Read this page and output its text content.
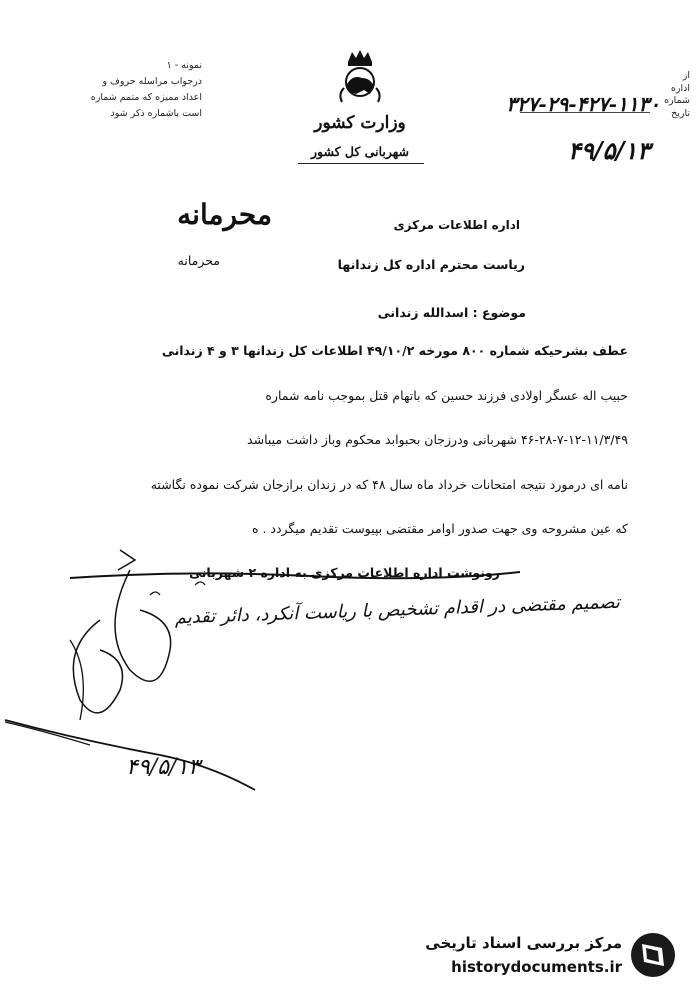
نمونه - ۱
درجواب مراسله حروف و
اعداد ممیزه که متمم شماره
است باشماره ذکر شود	وزارت کشور
شهربانی کل کشور
از
اداره
شماره
تاریخ
۳۲۷-۲۹-۴۲۷-۱۱۳۰
۴۹/۵/۱۳
محرمانه
محرمانه
اداره اطلاعات مرکزی
ریاست محترم اداره کل زندانها
موضوع : اسدالله زندانی
عطف بشرحیکه شماره ۸۰۰ مورخه ۴۹/۱۰/۲ اطلاعات کل زندانها ۳ و ۴ زندانی
حبیب اله عسگر اولادی فرزند حسین که باتهام قتل بموجب نامه شماره
۴۶-۲۸-۷-۱۲-۱۱/۳/۴۹ شهربانی ودرزجان بحبوابد محکوم وباز داشت میباشد
نامه ای درمورد نتیجه امتحانات خرداد ماه سال ۴۸ که در زندان برازجان شرکت نموده نگاشته
که عین مشروحه وی جهت صدور اوامر مقتضی بپیوست تقدیم میگردد . ه
رونوشت اداره اطلاعات مرکزی به اداره ۲ شهربانی
تصمیم مقتضی در اقدام تشخیص با ریاست آنکرد، دائر تقدیم
۴۹/۵/۱۳
مرکز بررسی اسناد تاریخی
historydocuments.ir
